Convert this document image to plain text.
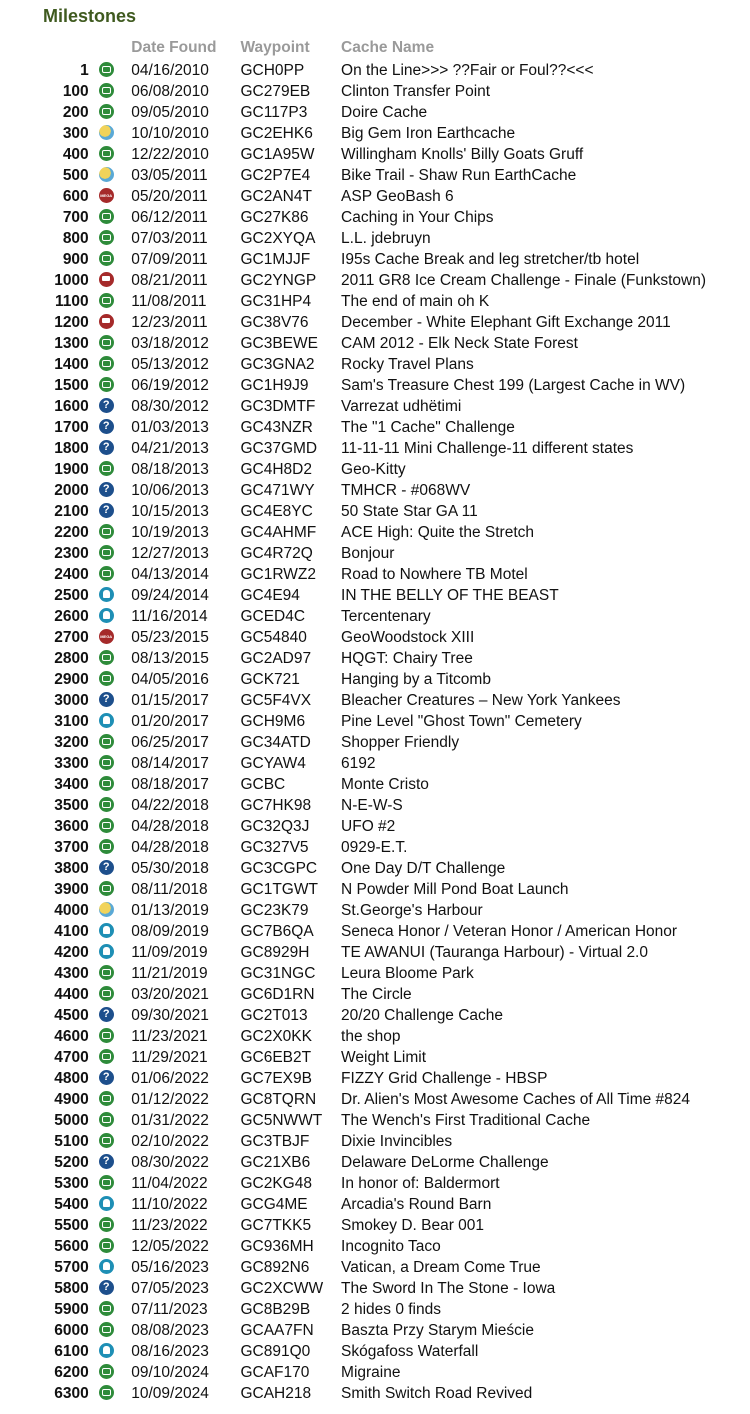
Milestones
		Date Found	Waypoint	Cache Name
1		04/16/2010	GCH0PP	On the Line>>> ??Fair or Foul??<<<
100		06/08/2010	GC279EB	Clinton Transfer Point
200		09/05/2010	GC117P3	Doire Cache
300		10/10/2010	GC2EHK6	Big Gem Iron Earthcache
400		12/22/2010	GC1A95W	Willingham Knolls' Billy Goats Gruff
500		03/05/2011	GC2P7E4	Bike Trail - Shaw Run EarthCache
600	MEGA	05/20/2011	GC2AN4T	ASP GeoBash 6
700		06/12/2011	GC27K86	Caching in Your Chips
800		07/03/2011	GC2XYQA	L.L. jdebruyn
900		07/09/2011	GC1MJJF	I95s Cache Break and leg stretcher/tb hotel
1000		08/21/2011	GC2YNGP	2011 GR8 Ice Cream Challenge - Finale (Funkstown)
1100		11/08/2011	GC31HP4	The end of main oh K
1200		12/23/2011	GC38V76	December - White Elephant Gift Exchange 2011
1300		03/18/2012	GC3BEWE	CAM 2012 - Elk Neck State Forest
1400		05/13/2012	GC3GNA2	Rocky Travel Plans
1500		06/19/2012	GC1H9J9	Sam's Treasure Chest 199 (Largest Cache in WV)
1600	?	08/30/2012	GC3DMTF	Varrezat udhëtimi
1700	?	01/03/2013	GC43NZR	The "1 Cache" Challenge
1800	?	04/21/2013	GC37GMD	11-11-11 Mini Challenge-11 different states
1900		08/18/2013	GC4H8D2	Geo-Kitty
2000	?	10/06/2013	GC471WY	TMHCR - #068WV
2100	?	10/15/2013	GC4E8YC	50 State Star GA 11
2200		10/19/2013	GC4AHMF	ACE High: Quite the Stretch
2300		12/27/2013	GC4R72Q	Bonjour
2400		04/13/2014	GC1RWZ2	Road to Nowhere TB Motel
2500		09/24/2014	GC4E94	IN THE BELLY OF THE BEAST
2600		11/16/2014	GCED4C	Tercentenary
2700	MEGA	05/23/2015	GC54840	GeoWoodstock XIII
2800		08/13/2015	GC2AD97	HQGT: Chairy Tree
2900		04/05/2016	GCK721	Hanging by a Titcomb
3000	?	01/15/2017	GC5F4VX	Bleacher Creatures – New York Yankees
3100		01/20/2017	GCH9M6	Pine Level "Ghost Town" Cemetery
3200		06/25/2017	GC34ATD	Shopper Friendly
3300		08/14/2017	GCYAW4	6192
3400		08/18/2017	GCBC	Monte Cristo
3500		04/22/2018	GC7HK98	N-E-W-S
3600		04/28/2018	GC32Q3J	UFO #2
3700		04/28/2018	GC327V5	0929-E.T.
3800	?	05/30/2018	GC3CGPC	One Day D/T Challenge
3900		08/11/2018	GC1TGWT	N Powder Mill Pond Boat Launch
4000		01/13/2019	GC23K79	St.George's Harbour
4100		08/09/2019	GC7B6QA	Seneca Honor / Veteran Honor / American Honor
4200		11/09/2019	GC8929H	TE AWANUI (Tauranga Harbour) - Virtual 2.0
4300		11/21/2019	GC31NGC	Leura Bloome Park
4400		03/20/2021	GC6D1RN	The Circle
4500	?	09/30/2021	GC2T013	20/20 Challenge Cache
4600		11/23/2021	GC2X0KK	the shop
4700		11/29/2021	GC6EB2T	Weight Limit
4800	?	01/06/2022	GC7EX9B	FIZZY Grid Challenge - HBSP
4900		01/12/2022	GC8TQRN	Dr. Alien's Most Awesome Caches of All Time #824
5000		01/31/2022	GC5NWWT	The Wench's First Traditional Cache
5100		02/10/2022	GC3TBJF	Dixie Invincibles
5200	?	08/30/2022	GC21XB6	Delaware DeLorme Challenge
5300		11/04/2022	GC2KG48	In honor of: Baldermort
5400		11/10/2022	GCG4ME	Arcadia's Round Barn
5500		11/23/2022	GC7TKK5	Smokey D. Bear 001
5600		12/05/2022	GC936MH	Incognito Taco
5700		05/16/2023	GC892N6	Vatican, a Dream Come True
5800	?	07/05/2023	GC2XCWW	The Sword In The Stone - Iowa
5900		07/11/2023	GC8B29B	2 hides 0 finds
6000		08/08/2023	GCAA7FN	Baszta Przy Starym Mieście
6100		08/16/2023	GC891Q0	Skógafoss Waterfall
6200		09/10/2024	GCAF170	Migraine
6300		10/09/2024	GCAH218	Smith Switch Road Revived
